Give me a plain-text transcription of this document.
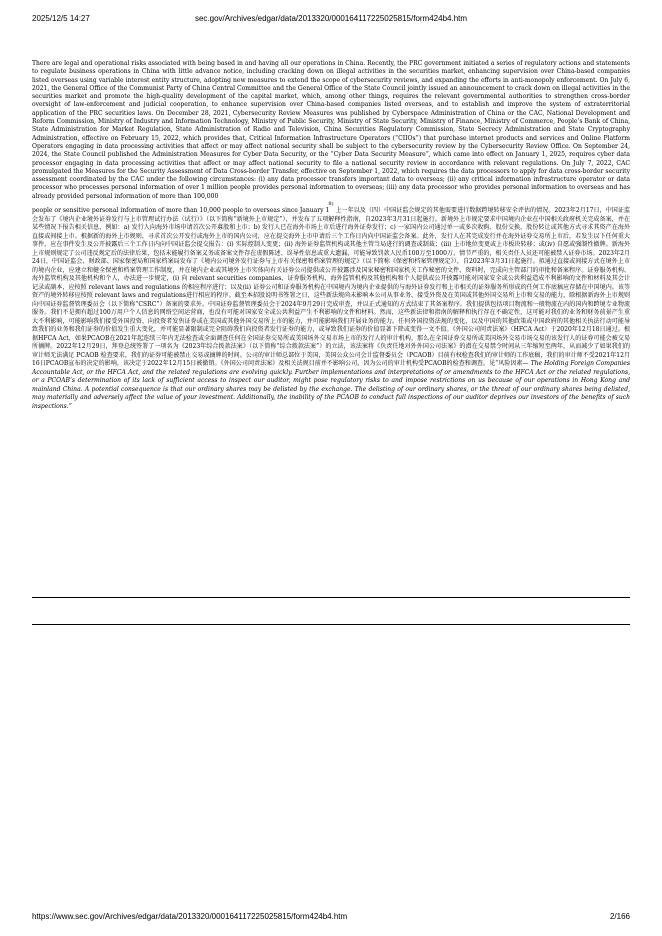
2025/12/5 14:27	sec.gov/Archives/edgar/data/2013320/000164117225025815/form424b4.htm

There are legal and operational risks associated with being based in and having all our operations in China. Recently, the PRC government initiated a series of regulatory actions and statements to regulate business operations in China with little advance notice, including cracking down on illegal activities in the securities market, enhancing supervision over China-based companies listed overseas using variable interest entity structure, adopting new measures to extend the scope of cybersecurity reviews, and expanding the efforts in anti-monopoly enforcement. On July 6, 2021, the General Office of the Communist Party of China Central Committee and the General Office of the State Council jointly issued an announcement to crack down on illegal activities in the securities market and promote the high-quality development of the capital market, which, among other things, requires the relevant governmental authorities to strengthen cross-border oversight of law-enforcement and judicial cooperation, to enhance supervision over China-based companies listed overseas, and to establish and improve the system of extraterritorial application of the PRC securities laws. On December 28, 2021, Cybersecurity Review Measures was published by Cyberspace Administration of China or the CAC, National Development and Reform Commission, Ministry of Industry and Information Technology, Ministry of Public Security, Ministry of State Security, Ministry of Finance, Ministry of Commerce, People’s Bank of China, State Administration for Market Regulation, State Administration of Radio and Television, China Securities Regulatory Commission, State Secrecy Administration and State Cryptography Administration, effective on February 15, 2022, which provides that, Critical Information Infrastructure Operators (“CIIOs”) that purchase internet products and services and Online Platform Operators engaging in data processing activities that affect or may affect national security shall be subject to the cybersecurity review by the Cybersecurity Review Office. On September 24, 2024, the State Council published the Administration Measures for Cyber Data Security, or the “Cyber Data Security Measure”, which came into effect on January 1, 2025, requires cyber data processor engaging in data processing activities that affect or may affect national security to file a national security review in accordance with relevant regulations. On July 7, 2022, CAC promulgated the Measures for the Security Assessment of Data Cross-border Transfer, effective on September 1, 2022, which requires the data processors to apply for data cross-border security assessment coordinated by the CAC under the following circumstances: (i) any data processor transfers important data to overseas; (ii) any critical information infrastructure operator or data processor who processes personal information of over 1 million people provides personal information to overseas; (iii) any data processor who provides personal information to overseas and has already provided personal information of more than 100,000

8)

people or sensitive personal information of more than 10,000 people to overseas since January 1　上一年以及（四）中国证监会规定的其他需要进行数据跨境转移安全评估的情况。2023年2月17日，中国证监会发布了《境内企业境外证券发行与上市管理试行办法（试行）》（以下简称“新境外上市规定”），并发布了五项解释性指南，自2023年3月31日起施行。新境外上市规定要求中国境内企业在中国相关政府机关完成备案，并在某些情况下报告相关信息，例如：a) 发行人向海外市场申请首次公开募股和上市；b) 发行人已在海外市场上市后进行海外证券发行；c) 一家国内公司通过单一或多次收购、股份交换、股份转让或其他方式寻求其资产在海外直接或间接上市。根据新的海外上市规则，寻求首次公开发行或海外上市的国内公司，应在提交海外上市申请后三个工作日内向中国证监会备案。此外，发行人在其完成发行并在海外证券交易所上市后，若发生以下任何重大事件，应在事件发生及公开披露后三个工作日内向中国证监会提交报告：(i) 实际控制人变更；(ii) 海外证券监管机构或其他主管当局进行的调查或制裁；(iii) 上市地位变更或上市板块转移；或(iv) 自愿或强制性撤牌。新海外上市规则规定了公司违反规定后的法律后果，包括未能履行备案义务或备案文件存在虚假陈述、误导性信息或重大遗漏，可能导致罚款人民币100万至1000万，情节严重的，相关责任人员还可能被禁入证券市场。2023年2月24日，中国证监会、财政部、国家保密局和国家档案局发布了《境内公司境外发行证券与上市有关保密和档案管理的规定》（以下简称《保密和档案管理规定》），自2023年3月31日起施行。拟通过直接或间接方式在境外上市的境内企业，应建立和健全保密和档案管理工作制度，并在境内企业或其境外上市实体向有关证券公司提供或公开披露涉及国家秘密和国家机关工作秘密的文件、资料时，完成向主管部门的审批和备案程序。证券服务机构、海外监管机构及其他机构和个人，办法进一步规定，(i) 向 relevant securities companies、证券服务机构、海外监管机构及其他机构和个人提供或公开披露可能对国家安全或公共利益造成不利影响的文件和材料及其会计记录或副本，应按照 relevant laws and regulations 的相应程序进行；以及(ii) 证券公司和证券服务机构在中国境内为境内企业提供的与海外证券发行和上市相关的证券服务所形成的任何工作底稿应存储在中国境内。该等资产的境外转移应按照 relevant laws and regulations进行相应的程序。截至本招股说明书签署之日，这些新法规尚未影响本公司从事业务、接受外资及在美国或其他外国交易所上市和交易的能力，除根据新海外上市规则向中国证券监督管理委员会（以下简称“CSRC”）备案的要求外。中国证券监督管理委员会于2024年9月29日完成审查，并以正式通知的方式结束了其备案程序。我们提供包括项目物流和一般物流在内的国内和跨境专业物流服务。我们不是拥有超过100万用户个人信息的网络空间运营商，也没有可能对国家安全或公共利益产生不利影响的文件和材料。然而，这些新法律和指南的解释和执行存在不确定性，这可能对我们的业务和财务前景产生重大不利影响，可能影响我们接受外国投资、向投资者发售证券或在美国或其他外国交易所上市的能力，并可能影响我们开展业务的能力。任何外国投资法规的变化，以及中国的其他政策或中国政府的其他相关执法行动可能导致我们的业务和我们证券的价值发生重大变化，并可能显著限制或完全阻碍我们向投资者发行证券的能力，或导致我们证券的价值显著下降或变得一文不值。《外国公司问责法案》（HFCA Act）于2020年12月18日通过。根据HFCA Act，如果PCAOB在2021年起连续三年内无法检查或全面调查任何在全国证券交易所或美国场外交易市场上市的发行人的审计机构，那么在全国证券交易所或美国场外交易市场交易的该发行人的证券可能会被交易所摘牌。2022年12月29日，拜登总统签署了一项名为《2023年综合拨款法案》（以下简称“综合拨款法案”）的立法，该法案将《负责任地对外外国公司法案》的潜在交易禁令时间从三年缩短至两年，从而减少了如果我们的审计师无法满足 PCAOB 检查要求，我们的证券可能被禁止交易或摘牌的时间。公司的审计师总部位于美国，美国公众公司会计监督委员会（PCAOB）目前有权检查我们的审计师的工作底稿，我们的审计师不受2021年12月16日PCAOB宣布的决定的影响，该决定于2022年12月15日被撤销。《外国公司问责法案》及相关法规目前并不影响公司，因为公司的审计机构受PCAOB的检查和调查。见“风险因素— The Holding Foreign Companies Accountable Act, or the HFCA Act, and the related regulations are evolving quickly. Further implementations and interpretations of or amendments to the HFCA Act or the related regulations, or a PCOAB’s determination of its lack of sufficient access to inspect our auditor, might pose regulatory risks to and impose restrictions on us because of our operations in Hong Kong and mainland China. A potential consequence is that our ordinary shares may be delisted by the exchange. The delisting of our ordinary shares, or the threat of our ordinary shares being delisted, may materially and adversely affect the value of your investment. Additionally, the inability of the PCAOB to conduct full inspections of our auditor deprives our investors of the benefits of such inspections.”

https://www.sec.gov/Archives/edgar/data/2013320/000164117225025815/form424b4.htm	2/166
